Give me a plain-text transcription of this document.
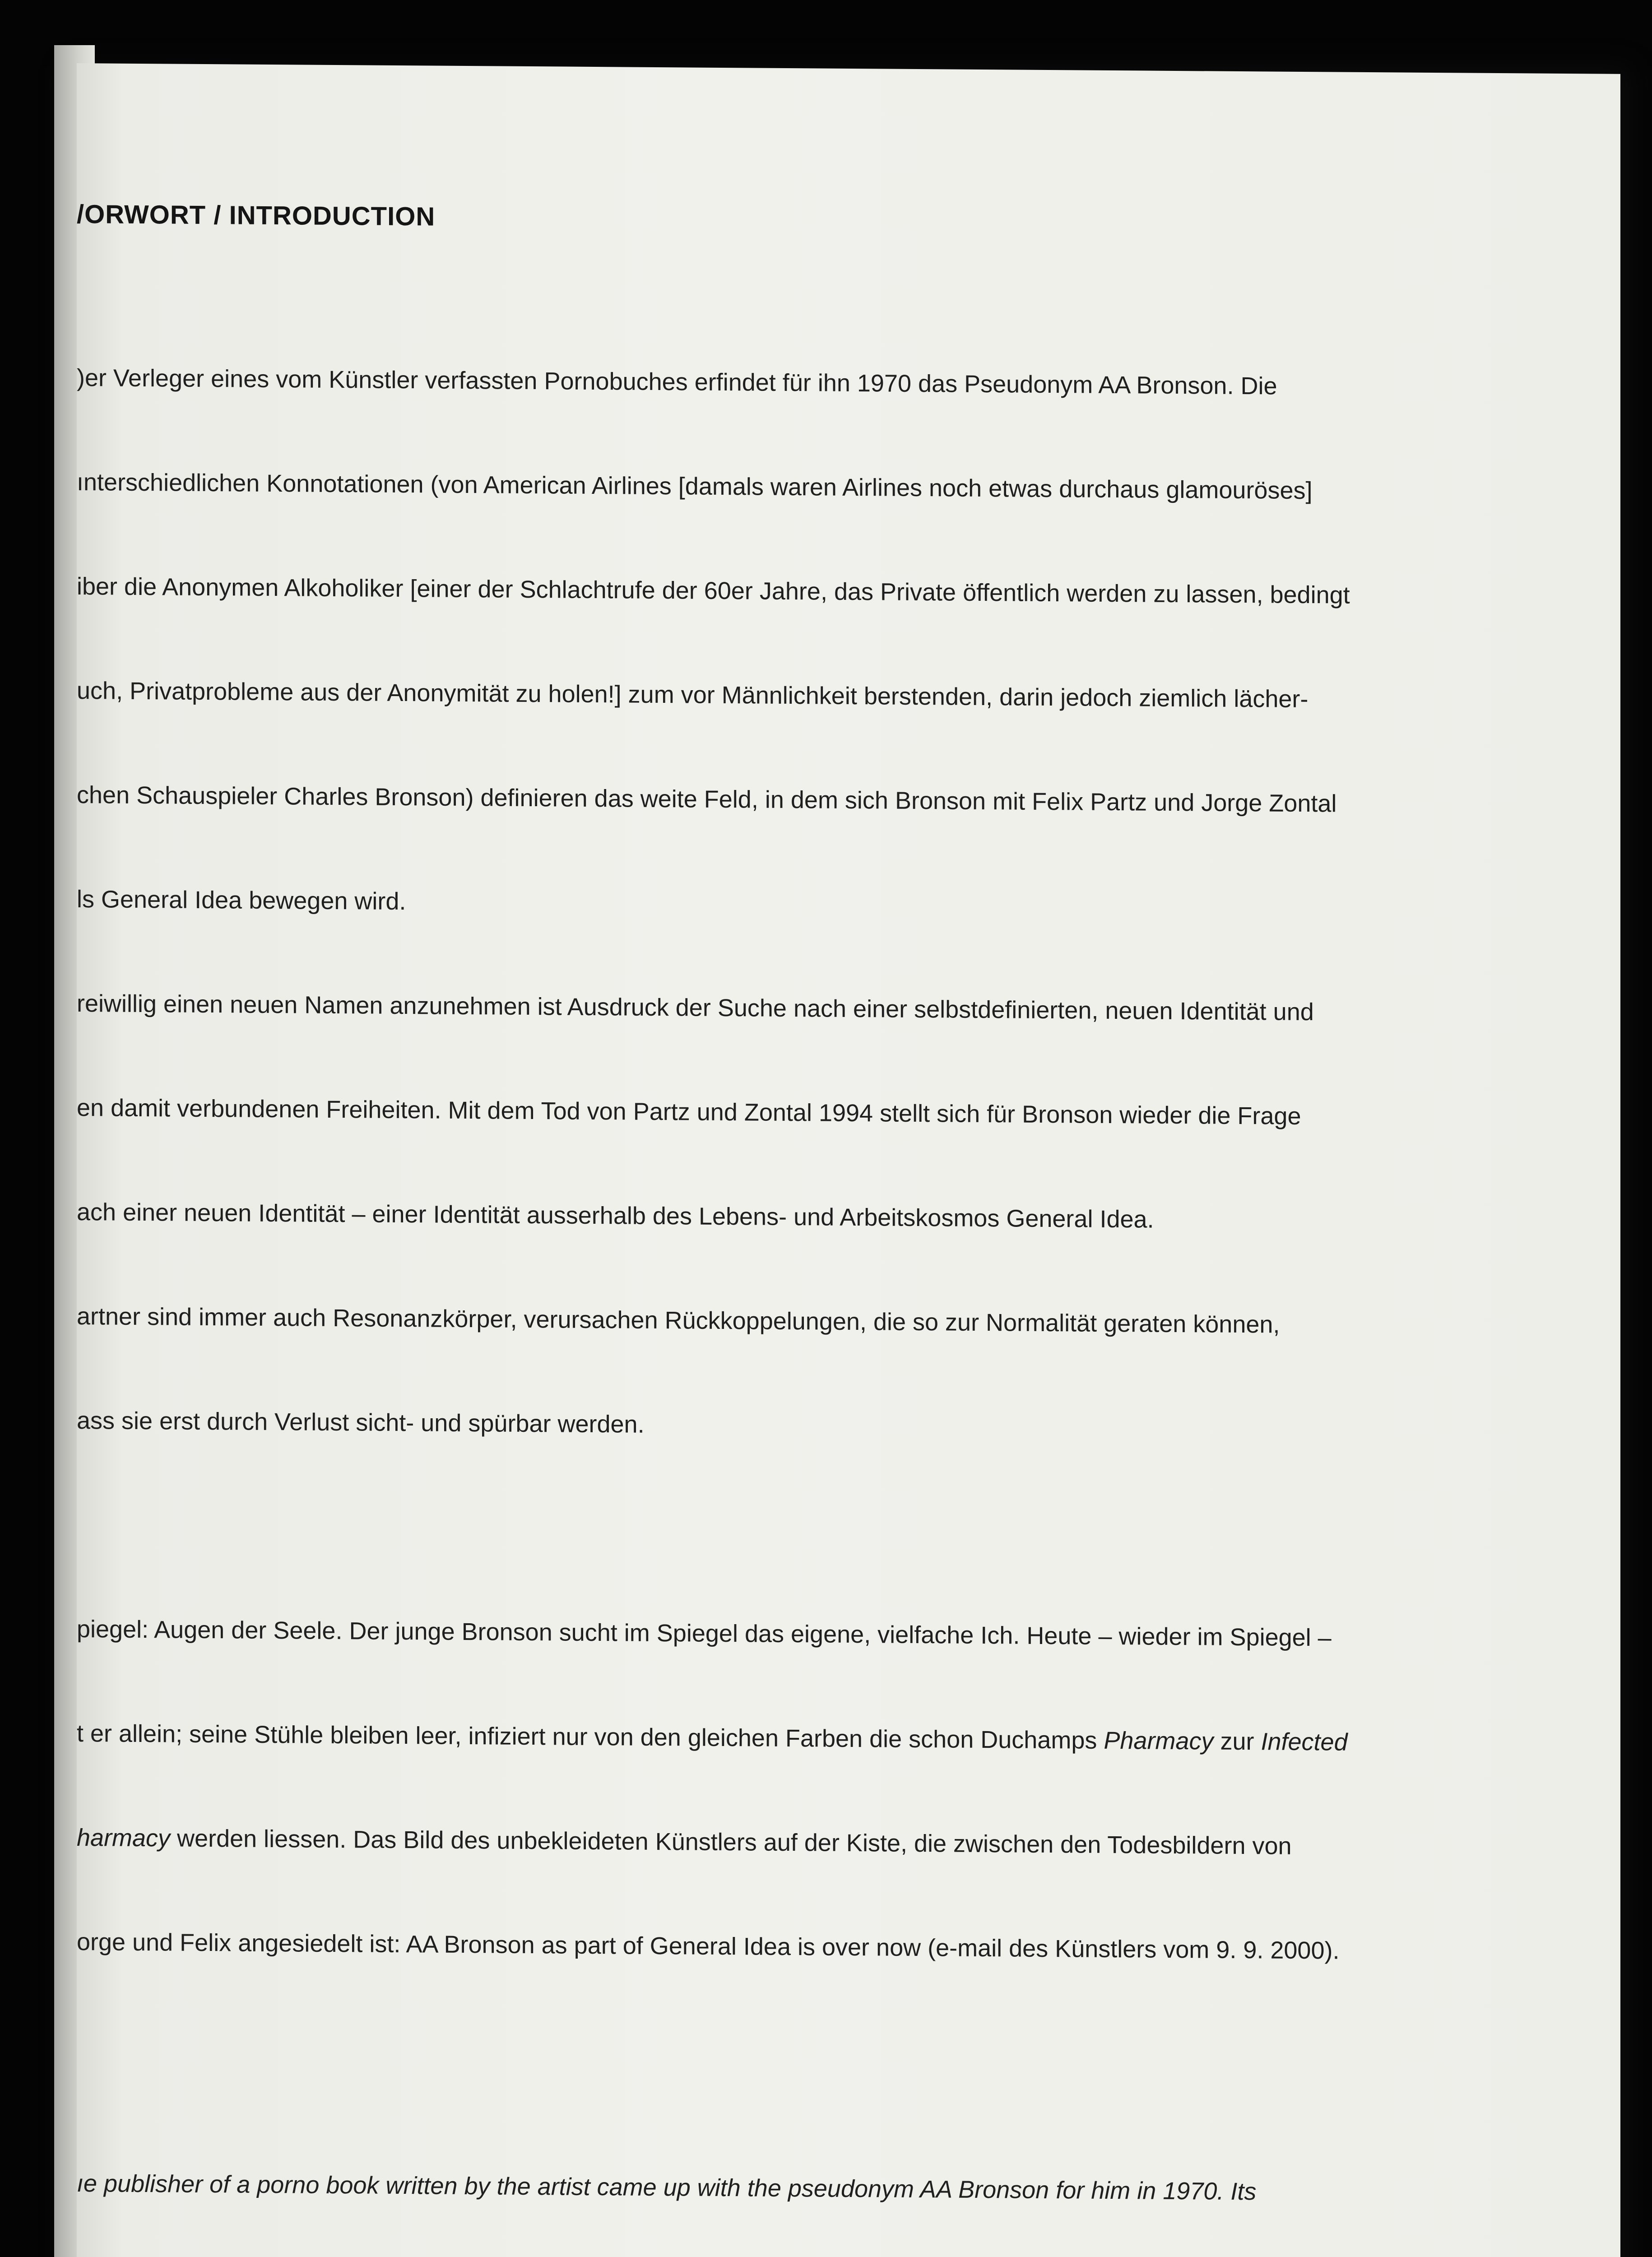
/ORWORT / INTRODUCTION

)er Verleger eines vom Künstler verfassten Pornobuches erfindet für ihn 1970 das Pseudonym AA Bronson. Die

ınterschiedlichen Konnotationen (von American Airlines [damals waren Airlines noch etwas durchaus glamouröses]

iber die Anonymen Alkoholiker [einer der Schlachtrufe der 60er Jahre, das Private öffentlich werden zu lassen, bedingt

uch, Privatprobleme aus der Anonymität zu holen!] zum vor Männlichkeit berstenden, darin jedoch ziemlich lächer-

chen Schauspieler Charles Bronson) definieren das weite Feld, in dem sich Bronson mit Felix Partz und Jorge Zontal

ls General Idea bewegen wird.

reiwillig einen neuen Namen anzunehmen ist Ausdruck der Suche nach einer selbstdefinierten, neuen Identität und

en damit verbundenen Freiheiten. Mit dem Tod von Partz und Zontal 1994 stellt sich für Bronson wieder die Frage

ach einer neuen Identität – einer Identität ausserhalb des Lebens- und Arbeitskosmos General Idea.

artner sind immer auch Resonanzkörper, verursachen Rückkoppelungen, die so zur Normalität geraten können,

ass sie erst durch Verlust sicht- und spürbar werden.

piegel: Augen der Seele. Der junge Bronson sucht im Spiegel das eigene, vielfache Ich. Heute – wieder im Spiegel –

t er allein; seine Stühle bleiben leer, infiziert nur von den gleichen Farben die schon Duchamps Pharmacy zur Infected

harmacy werden liessen. Das Bild des unbekleideten Künstlers auf der Kiste, die zwischen den Todesbildern von

orge und Felix angesiedelt ist: AA Bronson as part of General Idea is over now (e-mail des Künstlers vom 9. 9. 2000).

ıe publisher of a porno book written by the artist came up with the pseudonym AA Bronson for him in 1970. Its
